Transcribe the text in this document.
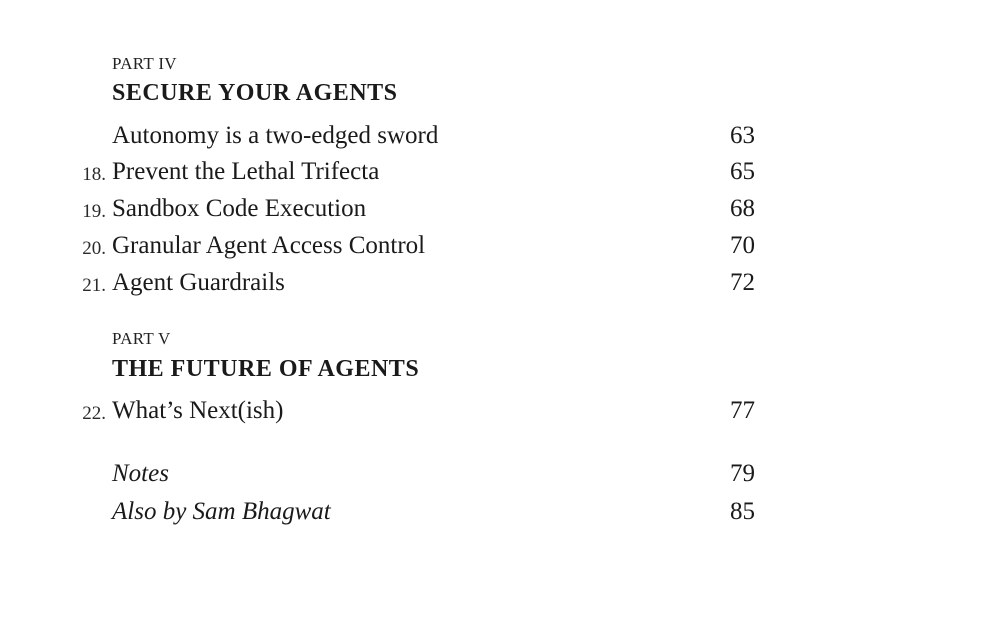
PART IV
SECURE YOUR AGENTS
Autonomy is a two-edged sword	63
18. Prevent the Lethal Trifecta	65
19. Sandbox Code Execution	68
20. Granular Agent Access Control	70
21. Agent Guardrails	72
PART V
THE FUTURE OF AGENTS
22. What’s Next(ish)	77
Notes	79
Also by Sam Bhagwat	85
